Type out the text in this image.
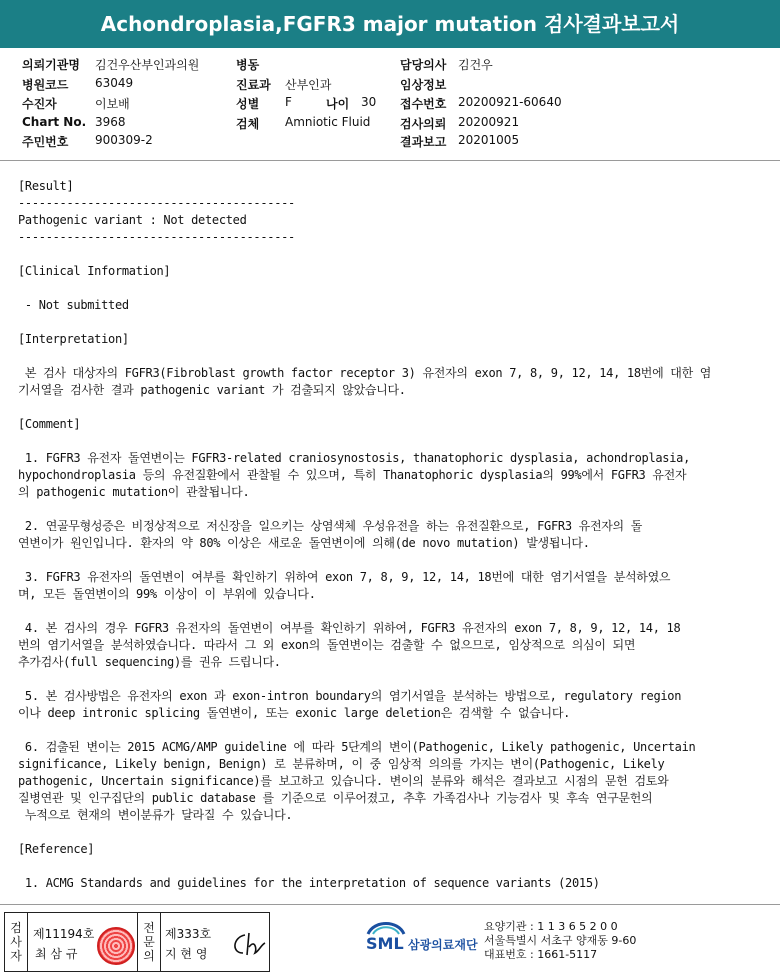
Achondroplasia,FGFR3 major mutation 검사결과보고서
의뢰기관명 김건우산부인과의원
병원코드 63049
수진자	이보배
Chart No. 3968
주민번호 900309-2
병동
진료과 산부인과
성별 F	나이 30
검체 Amniotic Fluid
담당의사 김건우
임상정보
접수번호 20200921-60640
검사의뢰 20200921
결과보고 20201005
[Result]
----------------------------------------
Pathogenic variant : Not detected
----------------------------------------
[Clinical Information]
- Not submitted
[Interpretation]
본 검사 대상자의 FGFR3(Fibroblast growth factor receptor 3) 유전자의 exon 7, 8, 9, 12, 14, 18번에 대한 염
기서열을 검사한 결과 pathogenic variant 가 검출되지 않았습니다.
[Comment]
1. FGFR3 유전자 돌연변이는 FGFR3-related craniosynostosis, thanatophoric dysplasia, achondroplasia,
hypochondroplasia 등의 유전질환에서 관찰될 수 있으며, 특히 Thanatophoric dysplasia의 99%에서 FGFR3 유전자
의 pathogenic mutation이 관찰됩니다.
2. 연골무형성증은 비정상적으로 저신장을 일으키는 상염색체 우성유전을 하는 유전질환으로, FGFR3 유전자의 돌
연변이가 원인입니다. 환자의 약 80% 이상은 새로운 돌연변이에 의해(de novo mutation) 발생됩니다.
3. FGFR3 유전자의 돌연변이 여부를 확인하기 위하여 exon 7, 8, 9, 12, 14, 18번에 대한 염기서열을 분석하였으
며, 모든 돌연변이의 99% 이상이 이 부위에 있습니다.
4. 본 검사의 경우 FGFR3 유전자의 돌연변이 여부를 확인하기 위하여, FGFR3 유전자의 exon 7, 8, 9, 12, 14, 18
번의 염기서열을 분석하였습니다. 따라서 그 외 exon의 돌연변이는 검출할 수 없으므로, 임상적으로 의심이 되면
추가검사(full sequencing)를 권유 드립니다.
5. 본 검사방법은 유전자의 exon 과 exon-intron boundary의 염기서열을 분석하는 방법으로, regulatory region
이나 deep intronic splicing 돌연변이, 또는 exonic large deletion은 검색할 수 없습니다.
6. 검출된 변이는 2015 ACMG/AMP guideline 에 따라 5단계의 변이(Pathogenic, Likely pathogenic, Uncertain
significance, Likely benign, Benign) 로 분류하며, 이 중 임상적 의의를 가지는 변이(Pathogenic, Likely
pathogenic, Uncertain significance)를 보고하고 있습니다. 변이의 분류와 해석은 결과보고 시점의 문헌 검토와
질병연관 및 인구집단의 public database 를 기준으로 이루어졌고, 추후 가족검사나 기능검사 및 후속 연구문헌의
누적으로 현재의 변이분류가 달라질 수 있습니다.
[Reference]
1. ACMG Standards and guidelines for the interpretation of sequence variants (2015)
검사자
제11194호
최 삼 규
전문의
제333호
지 현 영
SML 삼광의료재단
요양기관 : 1 1 3 6 5 2 0 0
서울특별시 서초구 양재동 9-60
대표번호 : 1661-5117
